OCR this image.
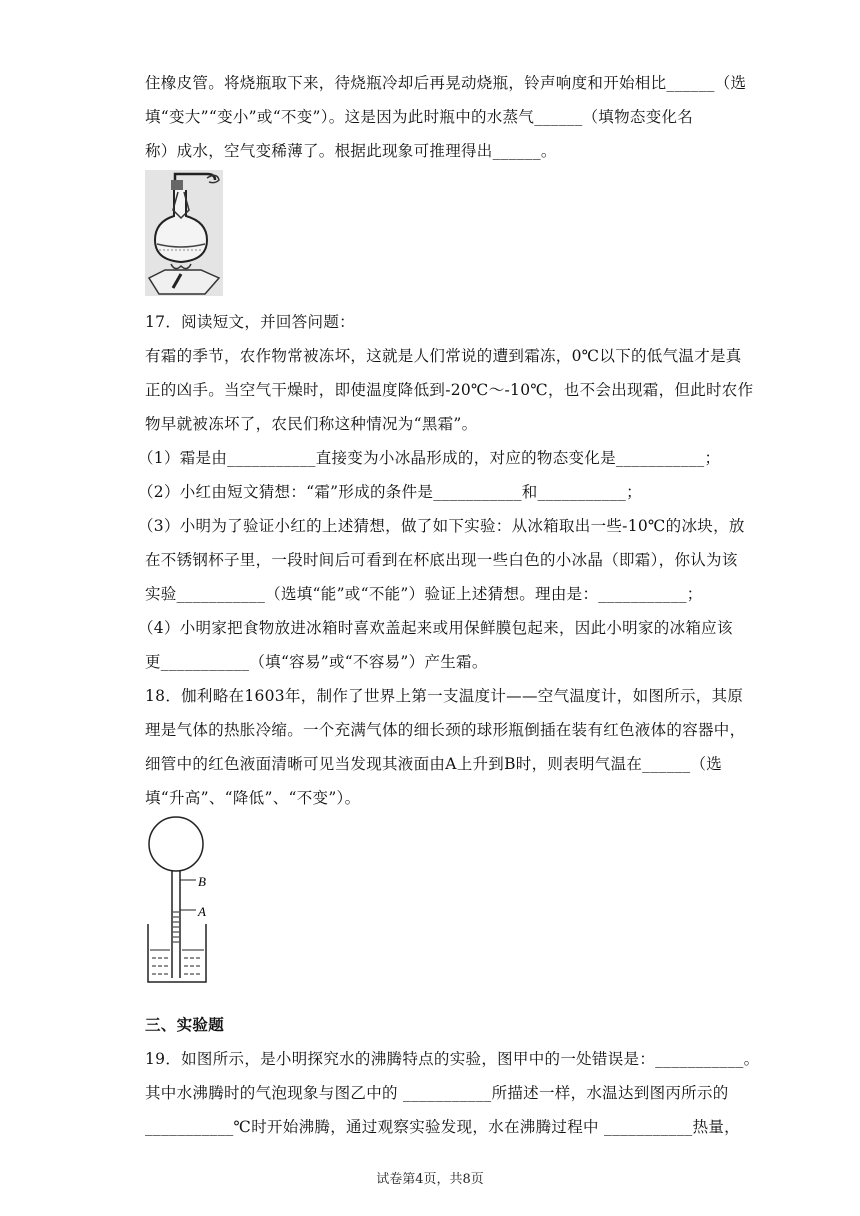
住橡皮管。将烧瓶取下来，待烧瓶冷却后再晃动烧瓶，铃声响度和开始相比______（选
填“变大”“变小”或“不变”）。这是因为此时瓶中的水蒸气______（填物态变化名
称）成水，空气变稀薄了。根据此现象可推理得出______。
17．阅读短文，并回答问题：
有霜的季节，农作物常被冻坏，这就是人们常说的遭到霜冻，0℃以下的低气温才是真
正的凶手。当空气干燥时，即使温度降低到-20℃～-10℃，也不会出现霜，但此时农作
物早就被冻坏了，农民们称这种情况为“黑霜”。
（1）霜是由___________直接变为小冰晶形成的，对应的物态变化是___________；
（2）小红由短文猜想：“霜”形成的条件是___________和___________；
（3）小明为了验证小红的上述猜想，做了如下实验：从冰箱取出一些-10℃的冰块，放
在不锈钢杯子里，一段时间后可看到在杯底出现一些白色的小冰晶（即霜），你认为该
实验___________（选填“能”或“不能”）验证上述猜想。理由是：___________；
（4）小明家把食物放进冰箱时喜欢盖起来或用保鲜膜包起来，因此小明家的冰箱应该
更___________（填“容易”或“不容易”）产生霜。
18．伽利略在1603年，制作了世界上第一支温度计——空气温度计，如图所示，其原
理是气体的热胀冷缩。一个充满气体的细长颈的球形瓶倒插在装有红色液体的容器中，
细管中的红色液面清晰可见当发现其液面由A上升到B时，则表明气温在______（选
填“升高”、“降低”、“不变”）。
B
A
三、实验题
19．如图所示，是小明探究水的沸腾特点的实验，图甲中的一处错误是：___________。
其中水沸腾时的气泡现象与图乙中的 ___________所描述一样，水温达到图丙所示的
___________℃时开始沸腾，通过观察实验发现，水在沸腾过程中 ___________热量，
试卷第4页，共8页
